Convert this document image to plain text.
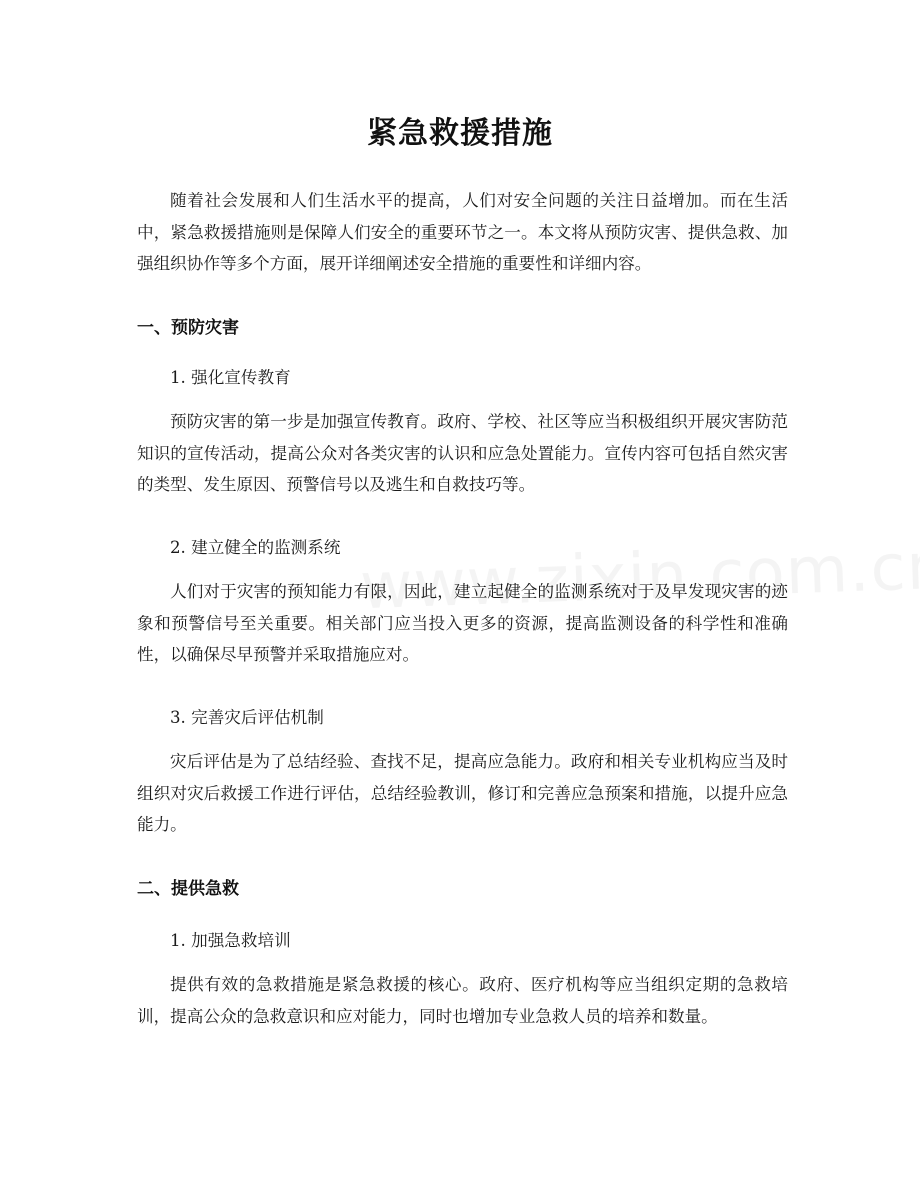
紧急救援措施

随着社会发展和人们生活水平的提高，人们对安全问题的关注日益增加。而在生活中，紧急救援措施则是保障人们安全的重要环节之一。本文将从预防灾害、提供急救、加强组织协作等多个方面，展开详细阐述安全措施的重要性和详细内容。

一、预防灾害
1. 强化宣传教育

预防灾害的第一步是加强宣传教育。政府、学校、社区等应当积极组织开展灾害防范知识的宣传活动，提高公众对各类灾害的认识和应急处置能力。宣传内容可包括自然灾害的类型、发生原因、预警信号以及逃生和自救技巧等。

2. 建立健全的监测系统

人们对于灾害的预知能力有限，因此，建立起健全的监测系统对于及早发现灾害的迹象和预警信号至关重要。相关部门应当投入更多的资源，提高监测设备的科学性和准确性，以确保尽早预警并采取措施应对。

3. 完善灾后评估机制

灾后评估是为了总结经验、查找不足，提高应急能力。政府和相关专业机构应当及时组织对灾后救援工作进行评估，总结经验教训，修订和完善应急预案和措施，以提升应急能力。

二、提供急救
1. 加强急救培训

提供有效的急救措施是紧急救援的核心。政府、医疗机构等应当组织定期的急救培训，提高公众的急救意识和应对能力，同时也增加专业急救人员的培养和数量。
